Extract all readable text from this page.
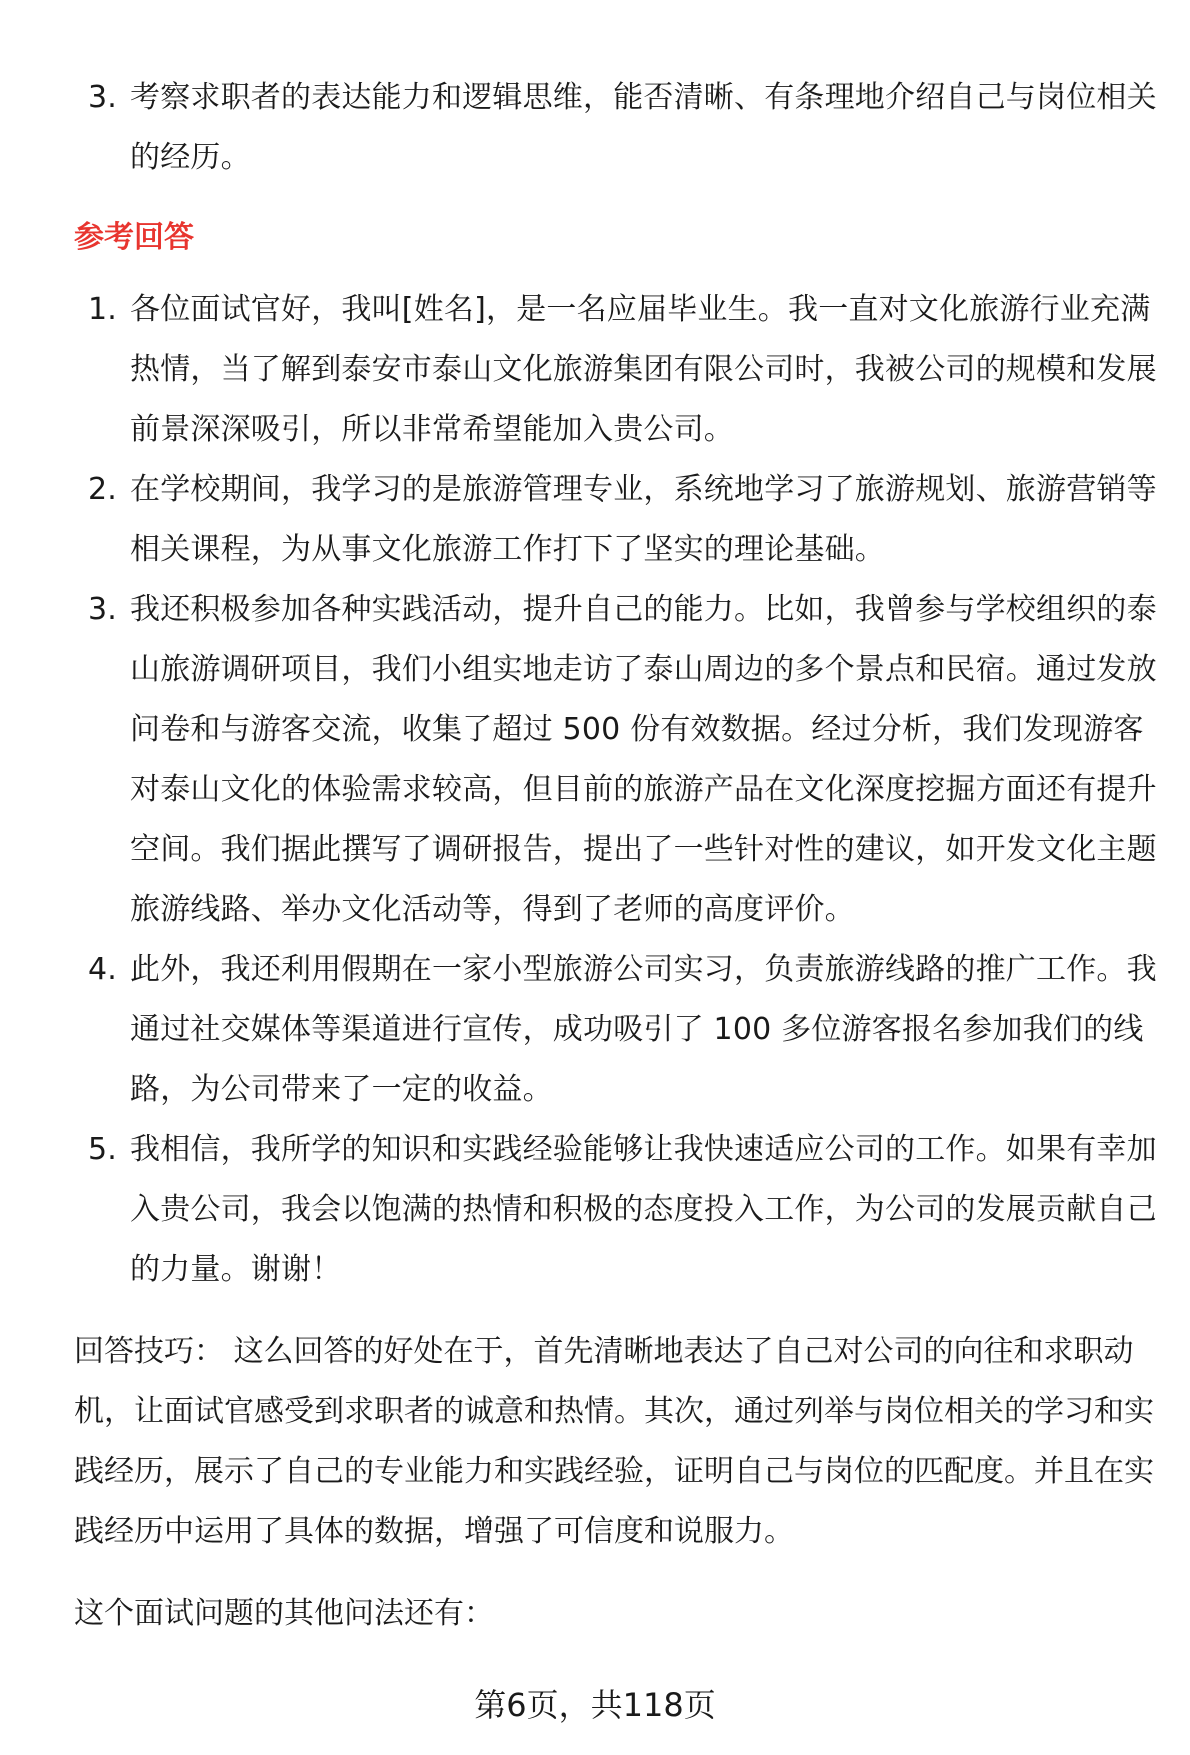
3. 考察求职者的表达能力和逻辑思维，能否清晰、有条理地介绍自己与岗位相关的经历。
参考回答
1. 各位面试官好，我叫[姓名]，是一名应届毕业生。我一直对文化旅游行业充满热情，当了解到泰安市泰山文化旅游集团有限公司时，我被公司的规模和发展前景深深吸引，所以非常希望能加入贵公司。
2. 在学校期间，我学习的是旅游管理专业，系统地学习了旅游规划、旅游营销等相关课程，为从事文化旅游工作打下了坚实的理论基础。
3. 我还积极参加各种实践活动，提升自己的能力。比如，我曾参与学校组织的泰山旅游调研项目，我们小组实地走访了泰山周边的多个景点和民宿。通过发放问卷和与游客交流，收集了超过 500 份有效数据。经过分析，我们发现游客对泰山文化的体验需求较高，但目前的旅游产品在文化深度挖掘方面还有提升空间。我们据此撰写了调研报告，提出了一些针对性的建议，如开发文化主题旅游线路、举办文化活动等，得到了老师的高度评价。
4. 此外，我还利用假期在一家小型旅游公司实习，负责旅游线路的推广工作。我通过社交媒体等渠道进行宣传，成功吸引了 100 多位游客报名参加我们的线路，为公司带来了一定的收益。
5. 我相信，我所学的知识和实践经验能够让我快速适应公司的工作。如果有幸加入贵公司，我会以饱满的热情和积极的态度投入工作，为公司的发展贡献自己的力量。谢谢！
回答技巧： 这么回答的好处在于，首先清晰地表达了自己对公司的向往和求职动机，让面试官感受到求职者的诚意和热情。其次，通过列举与岗位相关的学习和实践经历，展示了自己的专业能力和实践经验，证明自己与岗位的匹配度。并且在实践经历中运用了具体的数据，增强了可信度和说服力。
这个面试问题的其他问法还有：
第6页，共118页
